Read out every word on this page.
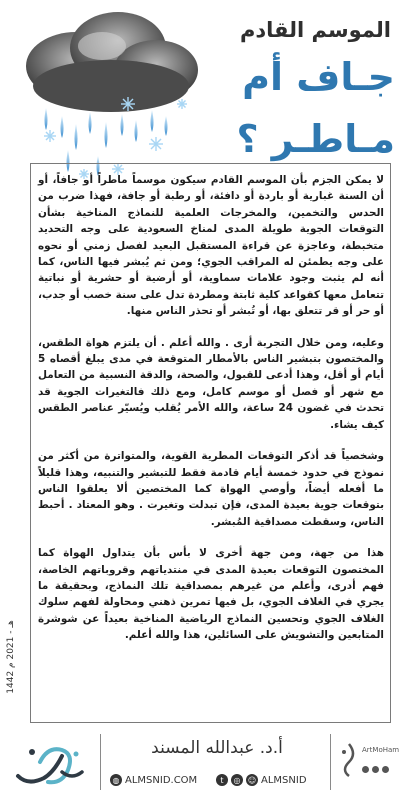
الموسم القادم
جـاف أم
مـاطـر ؟

لا يمكن الجزم بأن الموسم القادم سيكون موسماً ماطراً أو جافاً، أو أن السنة غبارية أو باردة أو دافئة، أو رطبة أو جافة، فهذا ضرب من الحدس والتخمين، والمخرجات العلمية للنماذج المناخية بشأن التوقعات الجوية طويلة المدى لمناخ السعودية على وجه التحديد متخبطة، وعاجزة عن قراءة المستقبل البعيد لفصل زمني أو نحوه على وجه يطمئن له المراقب الجوي؛ ومن ثم يُبشر فيها الناس، كما أنه لم يثبت وجود علامات سماوية، أو أرضية أو حشرية أو نباتية تتعامل معها كقواعد كلية ثابتة ومطردة تدل على سنة خصب أو جدب، أو حر أو قر تتعلق بها، أو تُبشر أو تحذر الناس منها.

وعليه، ومن خلال التجربة أرى . والله أعلم . أن يلتزم هواة الطقس، والمختصون بتبشير الناس بالأمطار المتوقعة في مدى يبلغ أقصاه 5 أيام أو أقل، وهذا أدعى للقبول، والصحة، والدقة النسبية من التعامل مع شهر أو فصل أو موسم كامل، ومع ذلك فالتغيرات الجوية قد تحدث في غضون 24 ساعة، والله الأمر يُقلب ويُسيّر عناصر الطقس كيف يشاء.

وشخصياً قد أذكر التوقعات المطرية القوية، والمتواترة من أكثر من نموذج في حدود خمسة أيام قادمة فقط للتبشير والتنبيه، وهذا قليلاً ما أفعله أيضاً، وأوصي الهواة كما المختصين ألا يعلقوا الناس بتوقعات جوية بعيدة المدى، فإن تبدلت وتغيرت . وهو المعتاد . أحبط الناس، وسقطت مصداقية المُبشر.

هذا من جهة، ومن جهة أخرى لا بأس بأن يتداول الهواة كما المختصون التوقعات بعيدة المدى في منتدياتهم وقروباتهم الخاصة، فهم أدرى، وأعلم من غيرهم بمصداقية تلك النماذج، وبحقيقة ما يجري في الغلاف الجوي، بل فيها تمرين ذهني ومحاولة لفهم سلوك الغلاف الجوي وتحسين النماذج الرياضية المناخية بعيداً عن شوشرة المتابعين والتشويش على السائلين، هذا والله أعلم.

1442 هـ - 2021 م
أ.د. عبدالله المسند
◍ ALMSNID.COM	t	◎ ☺ ALMSNID
ArtMoHam
